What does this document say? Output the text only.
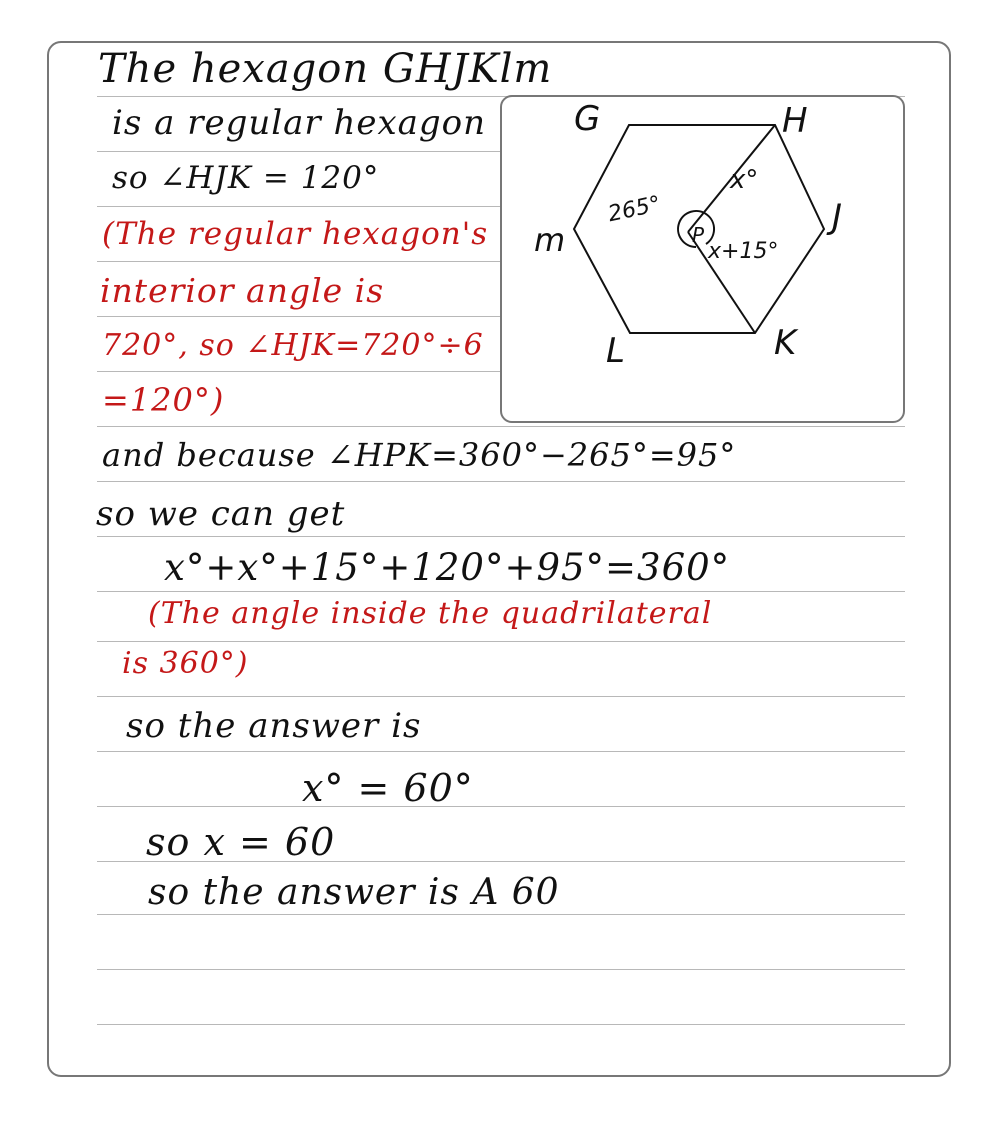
The hexagon GHJKlm
is a regular hexagon
so ∠HJK = 120°
(The regular hexagon's
interior angle is
720°, so ∠HJK=720°÷6
=120°)
and because ∠HPK=360°−265°=95°
so we can get
x°+x°+15°+120°+95°=360°
(The angle inside the quadrilateral
is 360°)
so the answer is
x° = 60°
so x = 60
so the answer is A 60
G	H
J
K
L
m
265°
x°
P
x+15°
